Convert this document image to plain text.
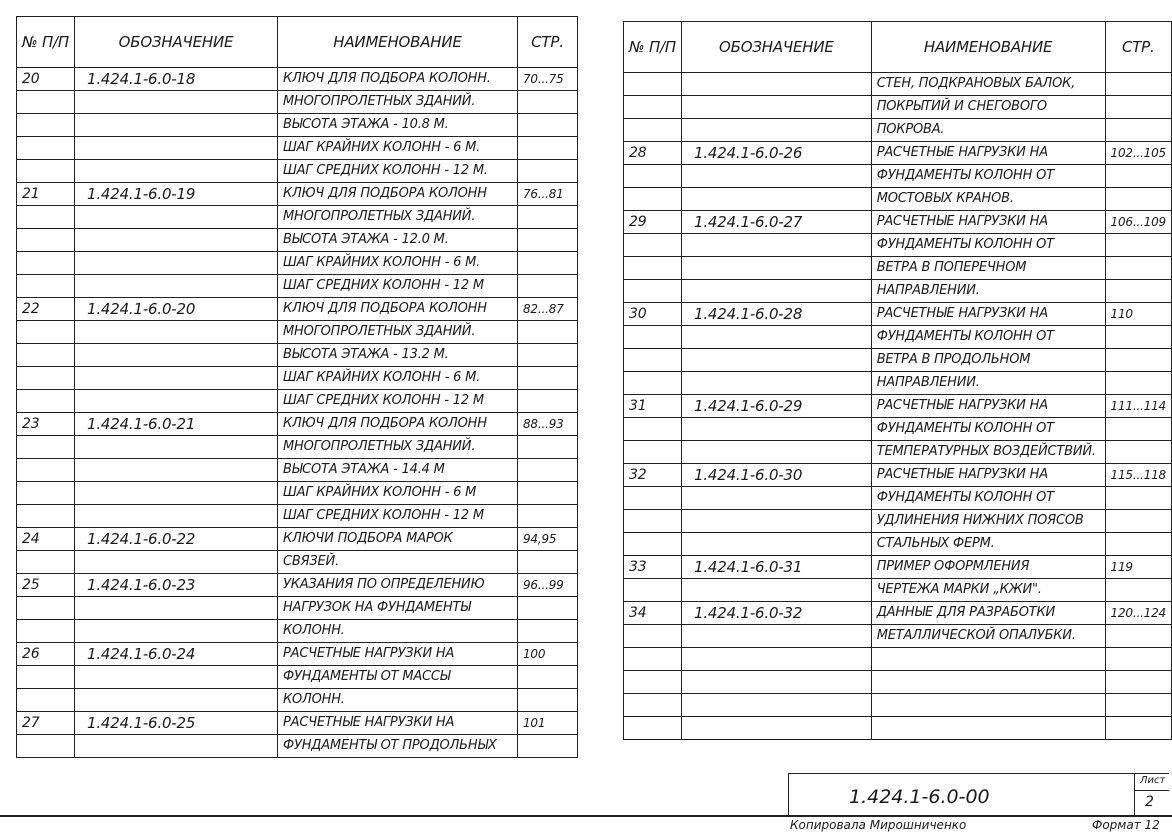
№ П/П	ОБОЗНАЧЕНИЕ	НАИМЕНОВАНИЕ	СТР.
20	1.424.1-6.0-18	КЛЮЧ ДЛЯ ПОДБОРА КОЛОНН.	70...75
		МНОГОПРОЛЕТНЫХ ЗДАНИЙ.	
		ВЫСОТА ЭТАЖА - 10.8 М.	
		ШАГ КРАЙНИХ КОЛОНН - 6 М.	
		ШАГ СРЕДНИХ КОЛОНН - 12 М.	
21	1.424.1-6.0-19	КЛЮЧ ДЛЯ ПОДБОРА КОЛОНН	76...81
		МНОГОПРОЛЕТНЫХ ЗДАНИЙ.	
		ВЫСОТА ЭТАЖА - 12.0 М.	
		ШАГ КРАЙНИХ КОЛОНН - 6 М.	
		ШАГ СРЕДНИХ КОЛОНН - 12 М	
22	1.424.1-6.0-20	КЛЮЧ ДЛЯ ПОДБОРА КОЛОНН	82...87
		МНОГОПРОЛЕТНЫХ ЗДАНИЙ.	
		ВЫСОТА ЭТАЖА - 13.2 М.	
		ШАГ КРАЙНИХ КОЛОНН - 6 М.	
		ШАГ СРЕДНИХ КОЛОНН - 12 М	
23	1.424.1-6.0-21	КЛЮЧ ДЛЯ ПОДБОРА КОЛОНН	88...93
		МНОГОПРОЛЕТНЫХ ЗДАНИЙ.	
		ВЫСОТА ЭТАЖА - 14.4 М	
		ШАГ КРАЙНИХ КОЛОНН - 6 М	
		ШАГ СРЕДНИХ КОЛОНН - 12 М	
24	1.424.1-6.0-22	КЛЮЧИ ПОДБОРА МАРОК	94,95
		СВЯЗЕЙ.	
25	1.424.1-6.0-23	УКАЗАНИЯ ПО ОПРЕДЕЛЕНИЮ	96...99
		НАГРУЗОК НА ФУНДАМЕНТЫ	
		КОЛОНН.	
26	1.424.1-6.0-24	РАСЧЕТНЫЕ НАГРУЗКИ НА	100
		ФУНДАМЕНТЫ ОТ МАССЫ	
		КОЛОНН.	
27	1.424.1-6.0-25	РАСЧЕТНЫЕ НАГРУЗКИ НА	101
		ФУНДАМЕНТЫ ОТ ПРОДОЛЬНЫХ	
№ П/П	ОБОЗНАЧЕНИЕ	НАИМЕНОВАНИЕ	СТР.
		СТЕН, ПОДКРАНОВЫХ БАЛОК,	
		ПОКРЫТИЙ И СНЕГОВОГО	
		ПОКРОВА.	
28	1.424.1-6.0-26	РАСЧЕТНЫЕ НАГРУЗКИ НА	102...105
		ФУНДАМЕНТЫ КОЛОНН ОТ	
		МОСТОВЫХ КРАНОВ.	
29	1.424.1-6.0-27	РАСЧЕТНЫЕ НАГРУЗКИ НА	106...109
		ФУНДАМЕНТЫ КОЛОНН ОТ	
		ВЕТРА В ПОПЕРЕЧНОМ	
		НАПРАВЛЕНИИ.	
30	1.424.1-6.0-28	РАСЧЕТНЫЕ НАГРУЗКИ НА	110
		ФУНДАМЕНТЫ КОЛОНН ОТ	
		ВЕТРА В ПРОДОЛЬНОМ	
		НАПРАВЛЕНИИ.	
31	1.424.1-6.0-29	РАСЧЕТНЫЕ НАГРУЗКИ НА	111...114
		ФУНДАМЕНТЫ КОЛОНН ОТ	
		ТЕМПЕРАТУРНЫХ ВОЗДЕЙСТВИЙ.	
32	1.424.1-6.0-30	РАСЧЕТНЫЕ НАГРУЗКИ НА	115...118
		ФУНДАМЕНТЫ КОЛОНН ОТ	
		УДЛИНЕНИЯ НИЖНИХ ПОЯСОВ	
		СТАЛЬНЫХ ФЕРМ.	
33	1.424.1-6.0-31	ПРИМЕР ОФОРМЛЕНИЯ	119
		ЧЕРТЕЖА МАРКИ „КЖИ".	
34	1.424.1-6.0-32	ДАННЫЕ ДЛЯ РАЗРАБОТКИ	120...124
		МЕТАЛЛИЧЕСКОЙ ОПАЛУБКИ.	

1.424.1-6.0-00
Лист
2
Копировала Мирошниченко	Формат 12
